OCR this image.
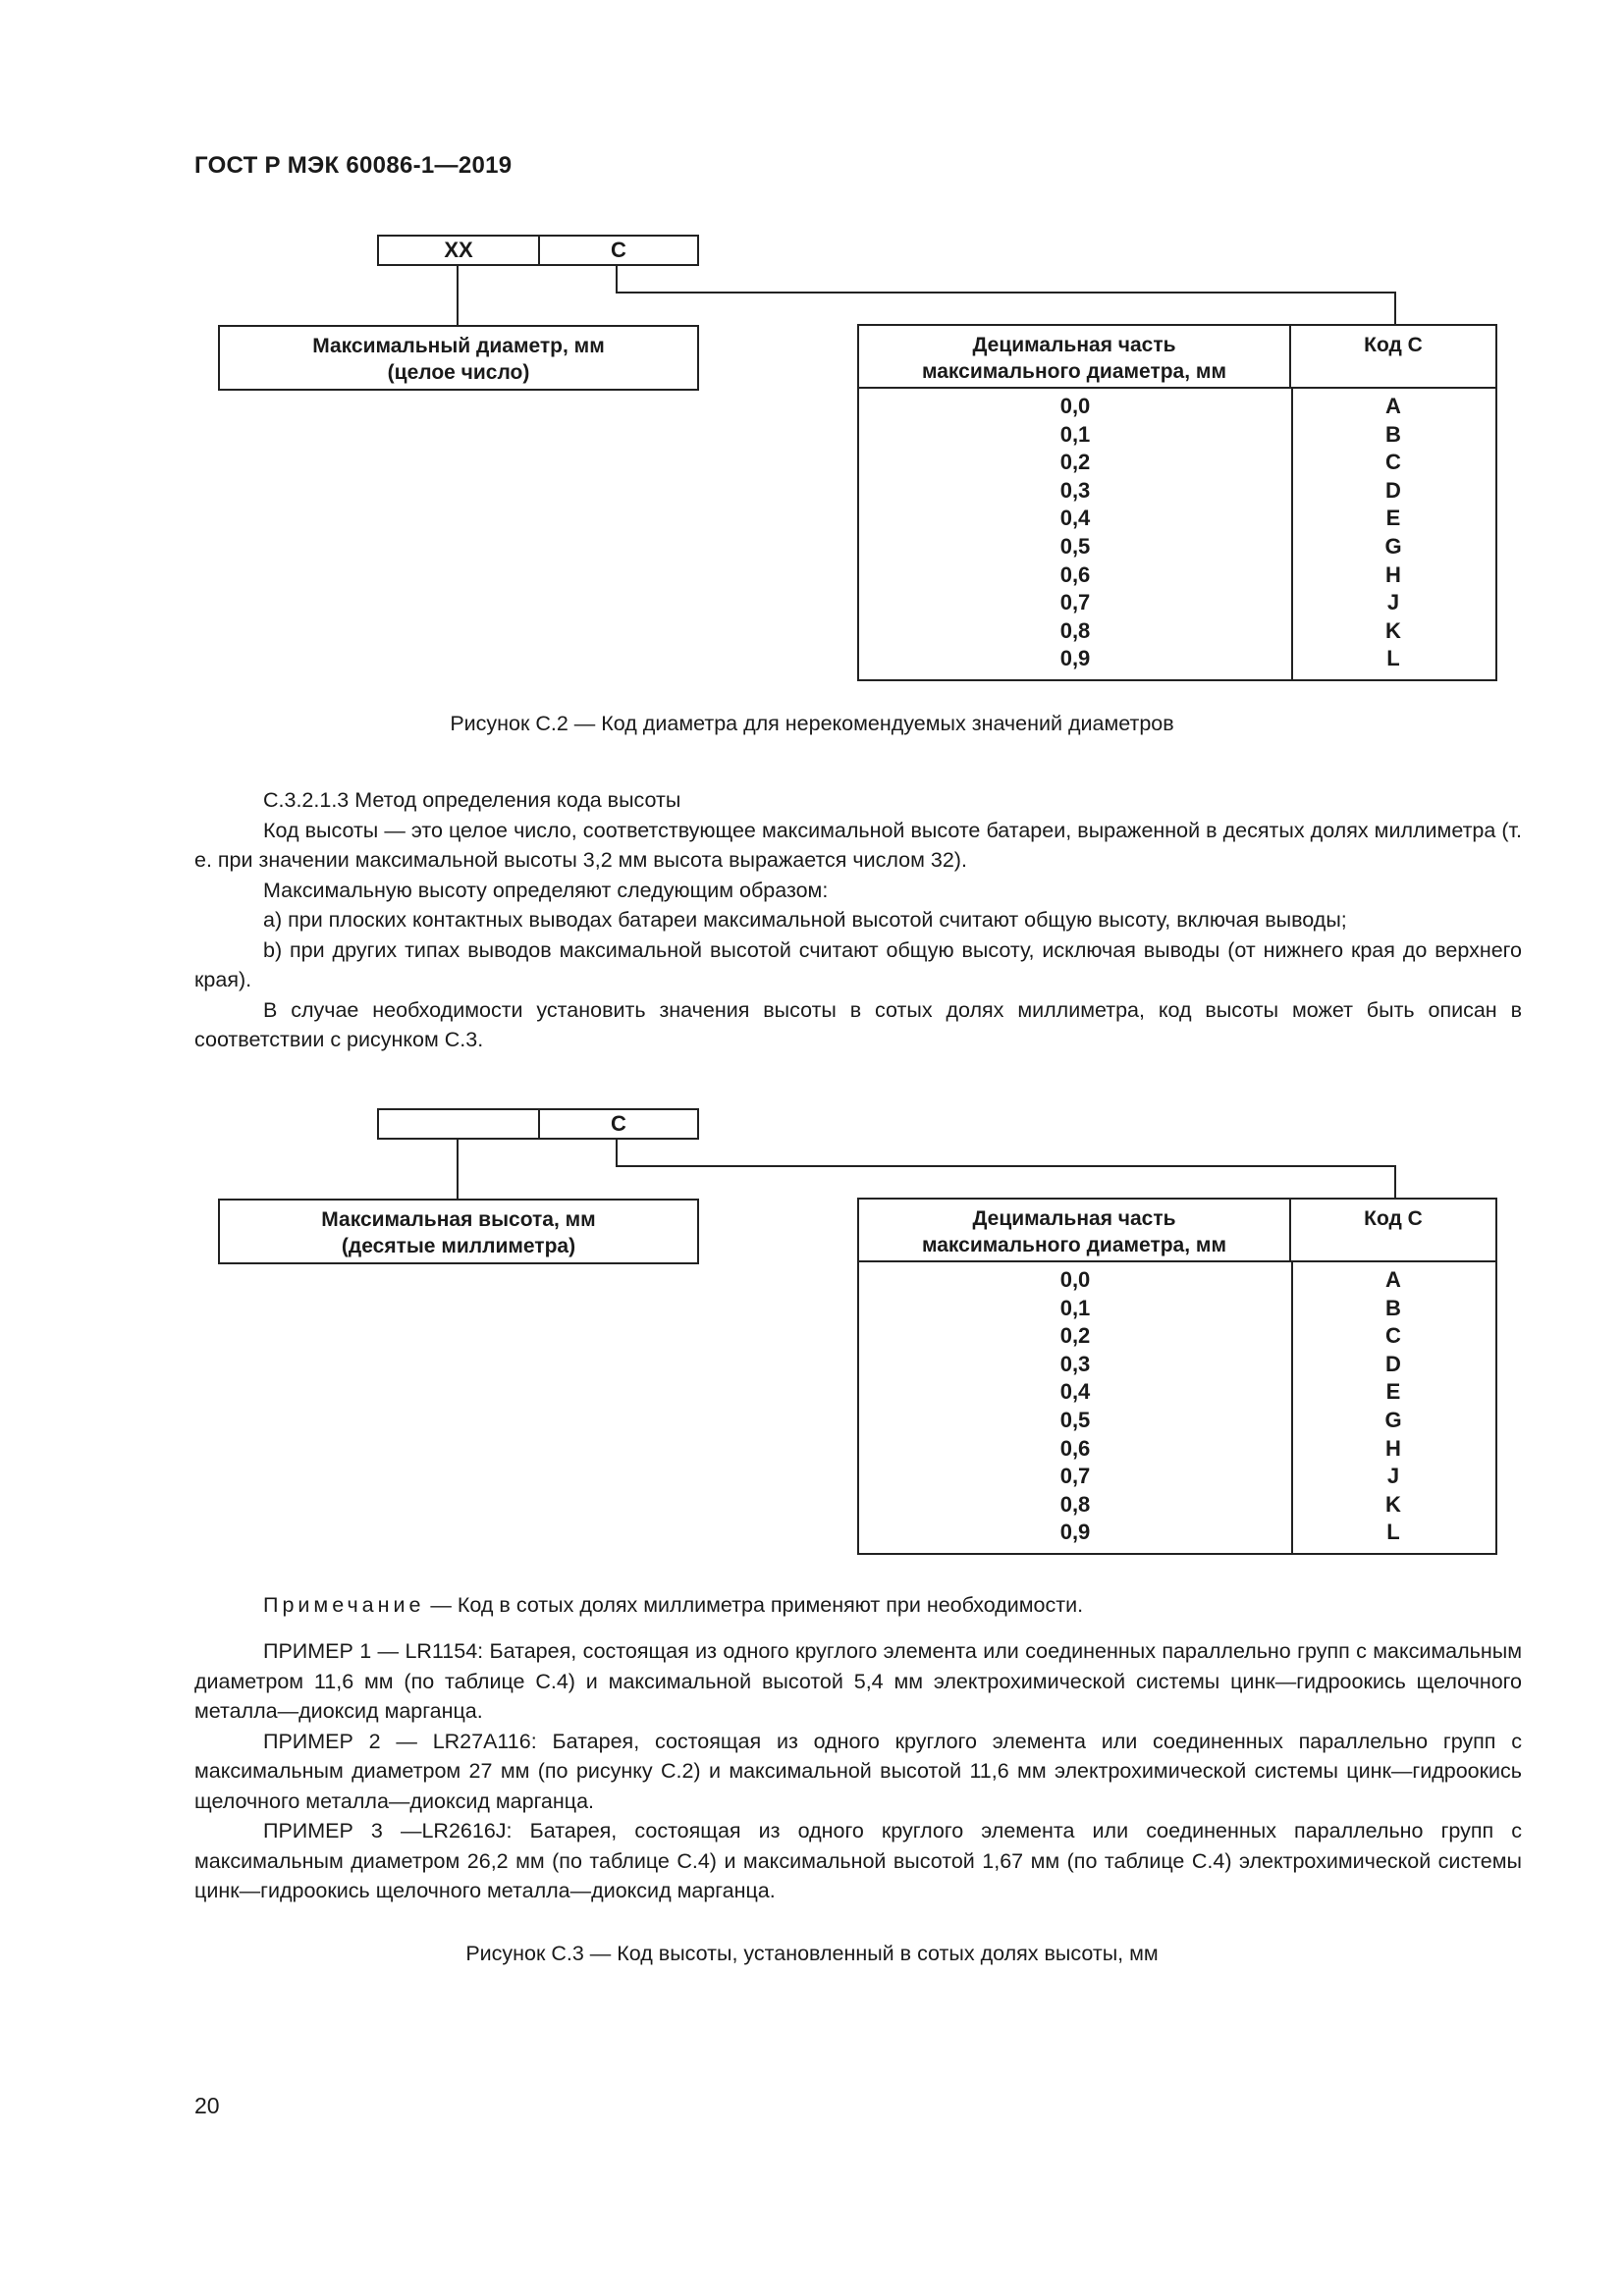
ГОСТ Р МЭК 60086-1—2019
XX	C
Максимальный диаметр, мм
(целое число)
Децимальная часть
максимального диаметра, мм
Код С
0,0	A
0,1	B
0,2	C
0,3	D
0,4	E
0,5	G
0,6	H
0,7	J
0,8	K
0,9	L
Рисунок С.2 — Код диаметра для нерекомендуемых значений диаметров

С.3.2.1.3 Метод определения кода высоты

Код высоты — это целое число, соответствующее максимальной высоте батареи, выраженной в десятых долях миллиметра (т. е. при значении максимальной высоты 3,2 мм высота выражается числом 32).

Максимальную высоту определяют следующим образом:

a) при плоских контактных выводах батареи максимальной высотой считают общую высоту, включая выводы;

b) при других типах выводов максимальной высотой считают общую высоту, исключая выводы (от нижнего края до верхнего края).

В случае необходимости установить значения высоты в сотых долях миллиметра, код высоты может быть описан в соответствии с рисунком С.3.

C
Максимальная высота, мм
(десятые миллиметра)
Децимальная часть
максимального диаметра, мм
Код С
0,0	A
0,1	B
0,2	C
0,3	D
0,4	E
0,5	G
0,6	H
0,7	J
0,8	K
0,9	L

Примечание — Код в сотых долях миллиметра применяют при необходимости.

ПРИМЕР 1 — LR1154: Батарея, состоящая из одного круглого элемента или соединенных параллельно групп с максимальным диаметром 11,6 мм (по таблице С.4) и максимальной высотой 5,4 мм электрохимической системы цинк—гидроокись щелочного металла—диоксид марганца.

ПРИМЕР 2 — LR27A116: Батарея, состоящая из одного круглого элемента или соединенных параллельно групп с максимальным диаметром 27 мм (по рисунку С.2) и максимальной высотой 11,6 мм электрохимической системы цинк—гидроокись щелочного металла—диоксид марганца.

ПРИМЕР 3 —LR2616J: Батарея, состоящая из одного круглого элемента или соединенных параллельно групп с максимальным диаметром 26,2 мм (по таблице С.4) и максимальной высотой 1,67 мм (по таблице С.4) электрохимической системы цинк—гидроокись щелочного металла—диоксид марганца.

Рисунок С.3 — Код высоты, установленный в сотых долях высоты, мм
20
